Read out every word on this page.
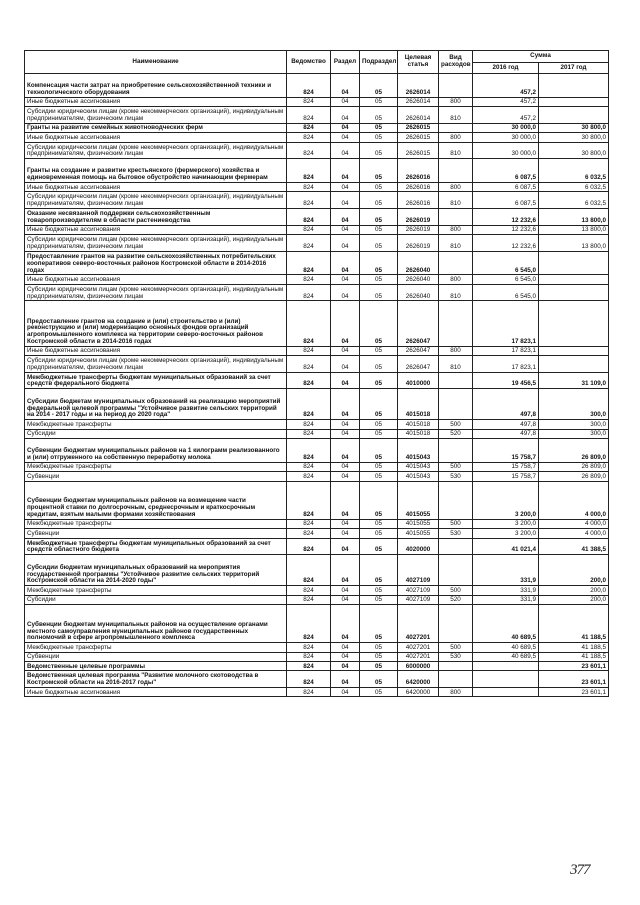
Наименование	Ведомство	Раздел	Подраздел	Целевая статья	Вид расходов	Сумма	
						2016 год	2017 год
Компенсация части затрат на приобретение сельскохозяйственной техники и технологического оборудования	824	04	05	2626014		457,2	
Иные бюджетные ассигнования	824	04	05	2626014	800	457,2	
Субсидии юридическим лицам (кроме некоммерческих организаций), индивидуальным предпринимателям, физическим лицам	824	04	05	2626014	810	457,2	
Гранты на развитие семейных животноводческих ферм	824	04	05	2626015		30 000,0	30 800,0
Иные бюджетные ассигнования	824	04	05	2626015	800	30 000,0	30 800,0
Субсидии юридическим лицам (кроме некоммерческих организаций), индивидуальным предпринимателям, физическим лицам	824	04	05	2626015	810	30 000,0	30 800,0
Гранты на создание и развитие крестьянского (фермерского) хозяйства и единовременная помощь на бытовое обустройство начинающим фермерам	824	04	05	2626016		6 087,5	6 032,5
Иные бюджетные ассигнования	824	04	05	2626016	800	6 087,5	6 032,5
Субсидии юридическим лицам (кроме некоммерческих организаций), индивидуальным предпринимателям, физическим лицам	824	04	05	2626016	810	6 087,5	6 032,5
Оказание несвязанной поддержки сельскохозяйственным товаропроизводителям в области растениеводства	824	04	05	2626019		12 232,6	13 800,0
Иные бюджетные ассигнования	824	04	05	2626019	800	12 232,6	13 800,0
Субсидии юридическим лицам (кроме некоммерческих организаций), индивидуальным предпринимателям, физическим лицам	824	04	05	2626019	810	12 232,6	13 800,0
Предоставление грантов на развитие сельскохозяйственных потребительских кооперативов северо-восточных районов Костромской области в 2014-2016 годах	824	04	05	2626040		6 545,0	
Иные бюджетные ассигнования	824	04	05	2626040	800	6 545,0	
Субсидии юридическим лицам (кроме некоммерческих организаций), индивидуальным предпринимателям, физическим лицам	824	04	05	2626040	810	6 545,0	
Предоставление грантов на создание и (или) строительство и (или) реконструкцию и (или) модернизацию основных фондов организаций агропромышленного комплекса на территории северо-восточных районов Костромской области в 2014-2016 годах	824	04	05	2626047		17 823,1	
Иные бюджетные ассигнования	824	04	05	2626047	800	17 823,1	
Субсидии юридическим лицам (кроме некоммерческих организаций), индивидуальным предпринимателям, физическим лицам	824	04	05	2626047	810	17 823,1	
Межбюджетные трансферты бюджетам муниципальных образований за счет средств федерального бюджета	824	04	05	4010000		19 456,5	31 109,0
Субсидии бюджетам муниципальных образований на реализацию мероприятий федеральной целевой программы "Устойчивое развитие сельских территорий на 2014 - 2017 годы и на период до 2020 года"	824	04	05	4015018		497,8	300,0
Межбюджетные трансферты	824	04	05	4015018	500	497,8	300,0
Субсидии	824	04	05	4015018	520	497,8	300,0
Субвенции бюджетам муниципальных районов на 1 килограмм реализованного и (или) отгруженного на собственную переработку молока	824	04	05	4015043		15 758,7	26 809,0
Межбюджетные трансферты	824	04	05	4015043	500	15 758,7	26 809,0
Субвенции	824	04	05	4015043	530	15 758,7	26 809,0
Субвенции бюджетам муниципальных районов на возмещение части процентной ставки по долгосрочным, среднесрочным и краткосрочным кредитам, взятым малыми формами хозяйствования	824	04	05	4015055		3 200,0	4 000,0
Межбюджетные трансферты	824	04	05	4015055	500	3 200,0	4 000,0
Субвенции	824	04	05	4015055	530	3 200,0	4 000,0
Межбюджетные трансферты бюджетам муниципальных образований за счет средств областного бюджета	824	04	05	4020000		41 021,4	41 388,5
Субсидии бюджетам муниципальных образований на мероприятия государственной программы "Устойчивое развитие сельских территорий Костромской области на 2014-2020 годы"	824	04	05	4027109		331,9	200,0
Межбюджетные трансферты	824	04	05	4027109	500	331,9	200,0
Субсидии	824	04	05	4027109	520	331,9	200,0
Субвенции бюджетам муниципальных районов на осуществление органами местного самоуправления муниципальных районов государственных полномочий в сфере агропромышленного комплекса	824	04	05	4027201		40 689,5	41 188,5
Межбюджетные трансферты	824	04	05	4027201	500	40 689,5	41 188,5
Субвенции	824	04	05	4027201	530	40 689,5	41 188,5
Ведомственные целевые программы	824	04	05	6000000			23 601,1
Ведомственная целевая программа "Развитие молочного скотоводства в Костромской области на 2016-2017 годы"	824	04	05	6420000			23 601,1
Иные бюджетные ассигнования	824	04	05	6420000	800		23 601,1
377
